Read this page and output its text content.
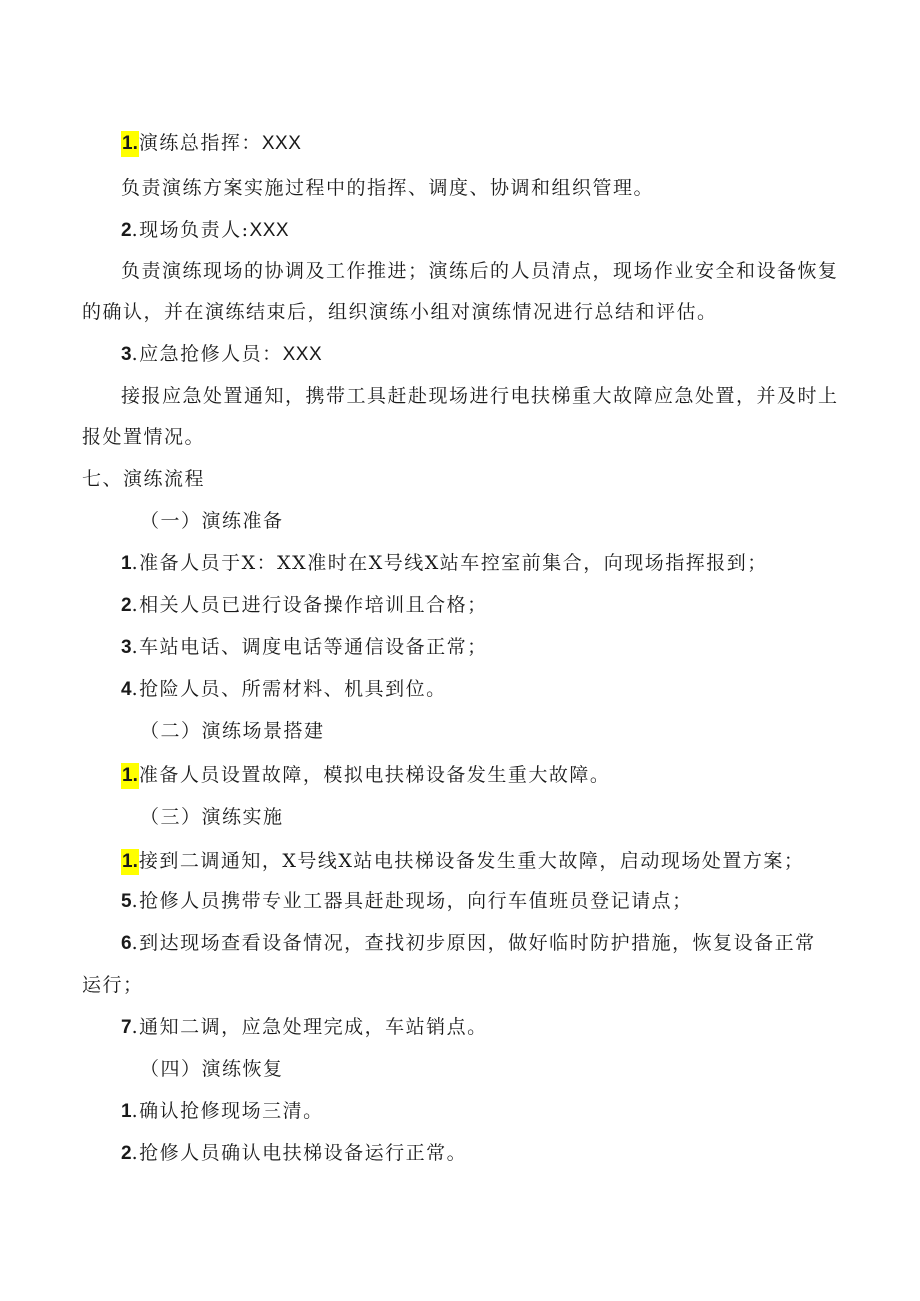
1.演练总指挥：XXX
负责演练方案实施过程中的指挥、调度、协调和组织管理。
2.现场负责人:XXX
负责演练现场的协调及工作推进；演练后的人员清点，现场作业安全和设备恢复
的确认，并在演练结束后，组织演练小组对演练情况进行总结和评估。
3.应急抢修人员：XXX
接报应急处置通知，携带工具赶赴现场进行电扶梯重大故障应急处置，并及时上
报处置情况。
七、演练流程
（一）演练准备
1.准备人员于X：XX准时在X号线X站车控室前集合，向现场指挥报到；
2.相关人员已进行设备操作培训且合格；
3.车站电话、调度电话等通信设备正常；
4.抢险人员、所需材料、机具到位。
（二）演练场景搭建
1.准备人员设置故障，模拟电扶梯设备发生重大故障。
（三）演练实施
1.接到二调通知，X号线X站电扶梯设备发生重大故障，启动现场处置方案；
5.抢修人员携带专业工器具赶赴现场，向行车值班员登记请点；
6.到达现场查看设备情况，查找初步原因，做好临时防护措施，恢复设备正常
运行；
7.通知二调，应急处理完成，车站销点。
（四）演练恢复
1.确认抢修现场三清。
2.抢修人员确认电扶梯设备运行正常。
